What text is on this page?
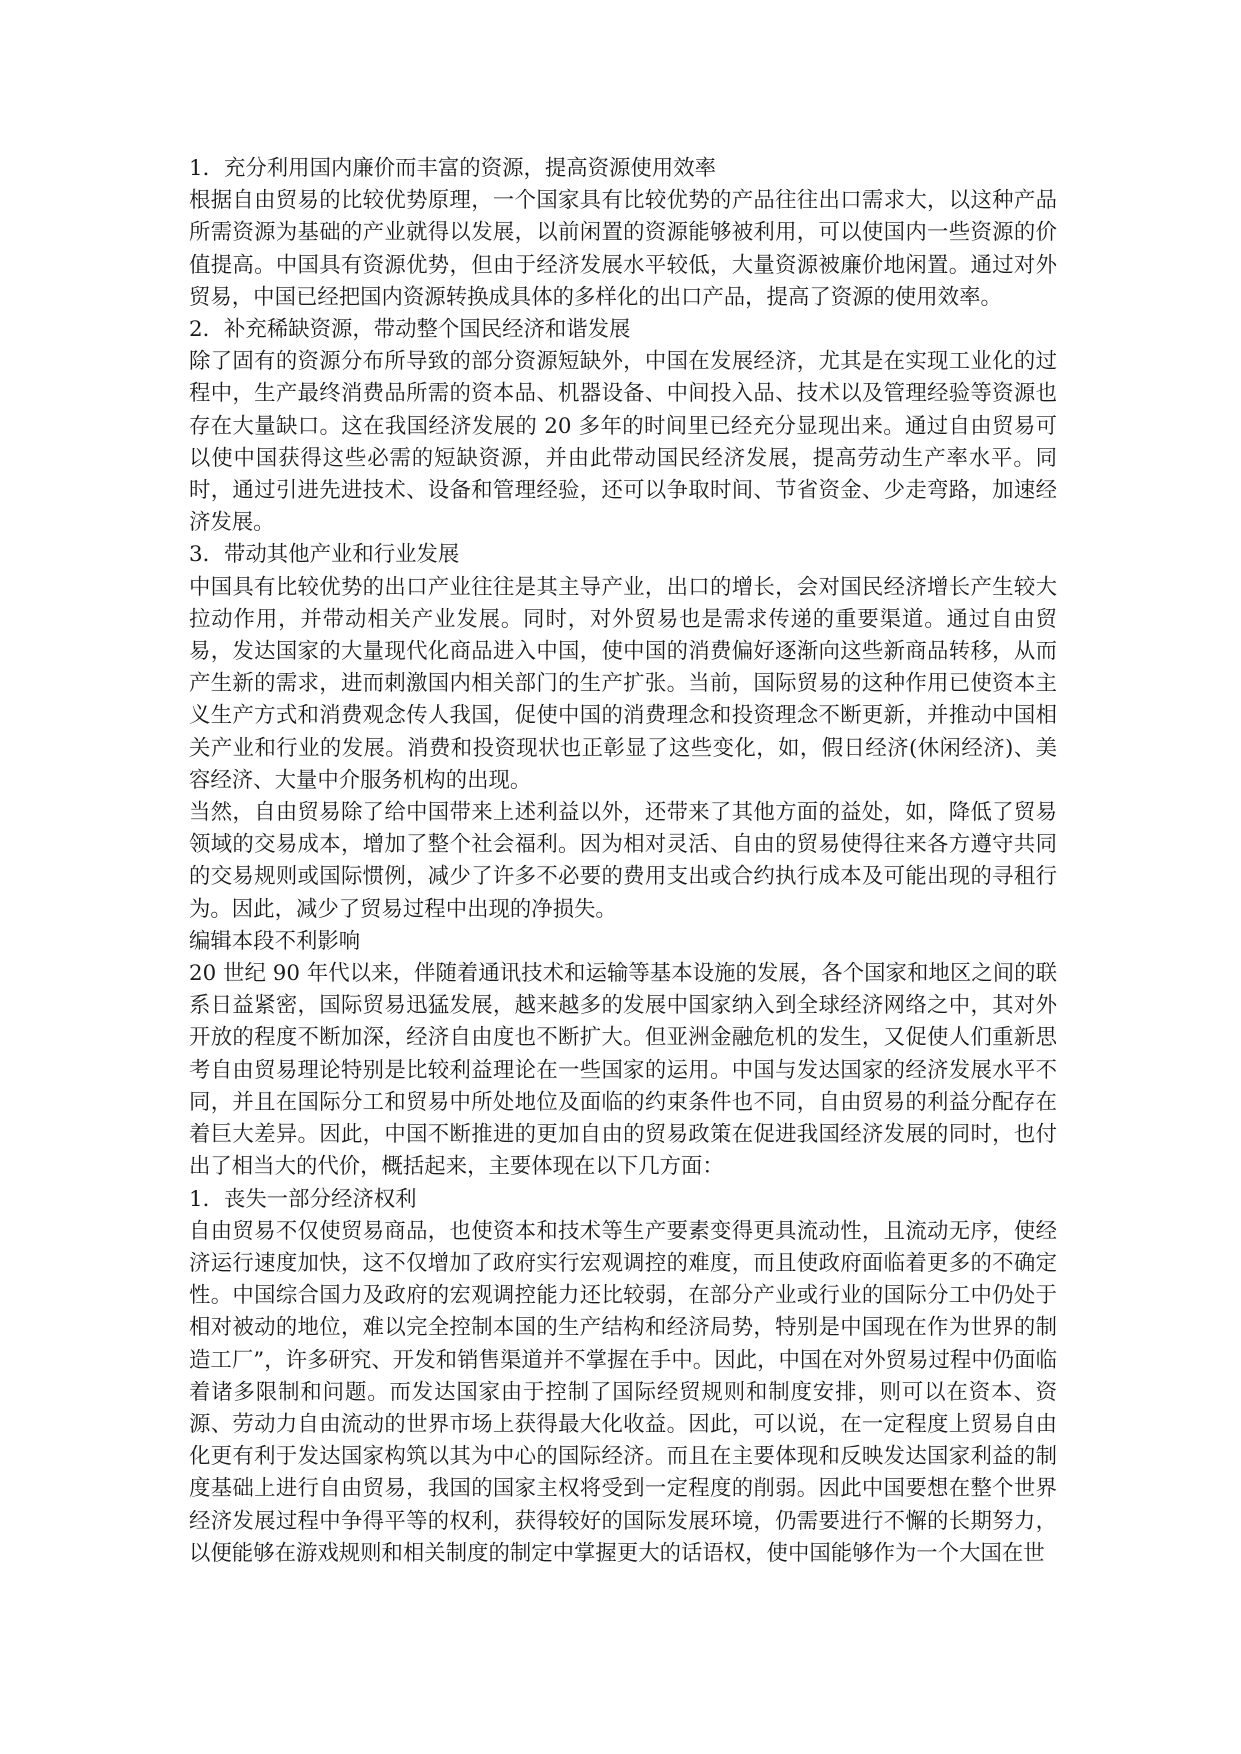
1．充分利用国内廉价而丰富的资源，提高资源使用效率
根据自由贸易的比较优势原理，一个国家具有比较优势的产品往往出口需求大，以这种产品所需资源为基础的产业就得以发展，以前闲置的资源能够被利用，可以使国内一些资源的价值提高。中国具有资源优势，但由于经济发展水平较低，大量资源被廉价地闲置。通过对外贸易，中国已经把国内资源转换成具体的多样化的出口产品，提高了资源的使用效率。
2．补充稀缺资源，带动整个国民经济和谐发展
除了固有的资源分布所导致的部分资源短缺外，中国在发展经济，尤其是在实现工业化的过程中，生产最终消费品所需的资本品、机器设备、中间投入品、技术以及管理经验等资源也存在大量缺口。这在我国经济发展的 20 多年的时间里已经充分显现出来。通过自由贸易可以使中国获得这些必需的短缺资源，并由此带动国民经济发展，提高劳动生产率水平。同时，通过引进先进技术、设备和管理经验，还可以争取时间、节省资金、少走弯路，加速经济发展。
3．带动其他产业和行业发展
中国具有比较优势的出口产业往往是其主导产业，出口的增长，会对国民经济增长产生较大拉动作用，并带动相关产业发展。同时，对外贸易也是需求传递的重要渠道。通过自由贸易，发达国家的大量现代化商品进入中国，使中国的消费偏好逐渐向这些新商品转移，从而产生新的需求，进而刺激国内相关部门的生产扩张。当前，国际贸易的这种作用已使资本主义生产方式和消费观念传人我国，促使中国的消费理念和投资理念不断更新，并推动中国相关产业和行业的发展。消费和投资现状也正彰显了这些变化，如，假日经济(休闲经济)、美容经济、大量中介服务机构的出现。
当然，自由贸易除了给中国带来上述利益以外，还带来了其他方面的益处，如，降低了贸易领域的交易成本，增加了整个社会福利。因为相对灵活、自由的贸易使得往来各方遵守共同的交易规则或国际惯例，减少了许多不必要的费用支出或合约执行成本及可能出现的寻租行为。因此，减少了贸易过程中出现的净损失。
编辑本段不利影响
20 世纪 90 年代以来，伴随着通讯技术和运输等基本设施的发展，各个国家和地区之间的联系日益紧密，国际贸易迅猛发展，越来越多的发展中国家纳入到全球经济网络之中，其对外开放的程度不断加深，经济自由度也不断扩大。但亚洲金融危机的发生，又促使人们重新思考自由贸易理论特别是比较利益理论在一些国家的运用。中国与发达国家的经济发展水平不同，并且在国际分工和贸易中所处地位及面临的约束条件也不同，自由贸易的利益分配存在着巨大差异。因此，中国不断推进的更加自由的贸易政策在促进我国经济发展的同时，也付出了相当大的代价，概括起来，主要体现在以下几方面：
1．丧失一部分经济权利
自由贸易不仅使贸易商品，也使资本和技术等生产要素变得更具流动性，且流动无序，使经济运行速度加快，这不仅增加了政府实行宏观调控的难度，而且使政府面临着更多的不确定性。中国综合国力及政府的宏观调控能力还比较弱，在部分产业或行业的国际分工中仍处于相对被动的地位，难以完全控制本国的生产结构和经济局势，特别是中国现在作为世界的制造工厂”，许多研究、开发和销售渠道并不掌握在手中。因此，中国在对外贸易过程中仍面临着诸多限制和问题。而发达国家由于控制了国际经贸规则和制度安排，则可以在资本、资源、劳动力自由流动的世界市场上获得最大化收益。因此，可以说，在一定程度上贸易自由化更有利于发达国家构筑以其为中心的国际经济。而且在主要体现和反映发达国家利益的制度基础上进行自由贸易，我国的国家主权将受到一定程度的削弱。因此中国要想在整个世界经济发展过程中争得平等的权利，获得较好的国际发展环境，仍需要进行不懈的长期努力，以便能够在游戏规则和相关制度的制定中掌握更大的话语权，使中国能够作为一个大国在世
